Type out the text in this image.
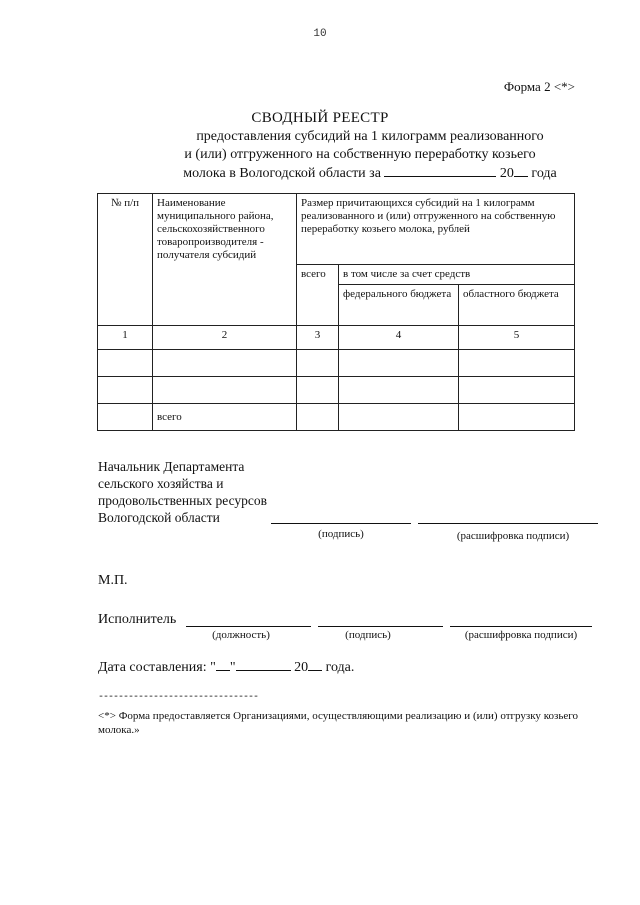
10
Форма 2 <*>
СВОДНЫЙ РЕЕСТР
предоставления субсидий на 1 килограмм реализованного
и (или) отгруженного на собственную переработку козьего
молока в Вологодской области за	20 года
№ п/п	Наименование муниципального района, сельскохозяйственного товаропроизводителя - получателя субсидий	Размер причитающихся субсидий на 1 килограмм реализованного и (или) отгруженного на собственную переработку козьего молока, рублей		
		всего	в том числе за счет средств	
			федерального бюджета	областного бюджета
1	2	3	4	5

	всего			
Начальник Департамента
сельского хозяйства и
продовольственных ресурсов
Вологодской области
(подпись)	(расшифровка подписи)
М.П.
Исполнитель
(должность)	(подпись)	(расшифровка подписи)
Дата составления: " "	20 года.
--------------------------------
<*> Форма предоставляется Организациями, осуществляющими реализацию и (или) отгрузку козьего молока.»
